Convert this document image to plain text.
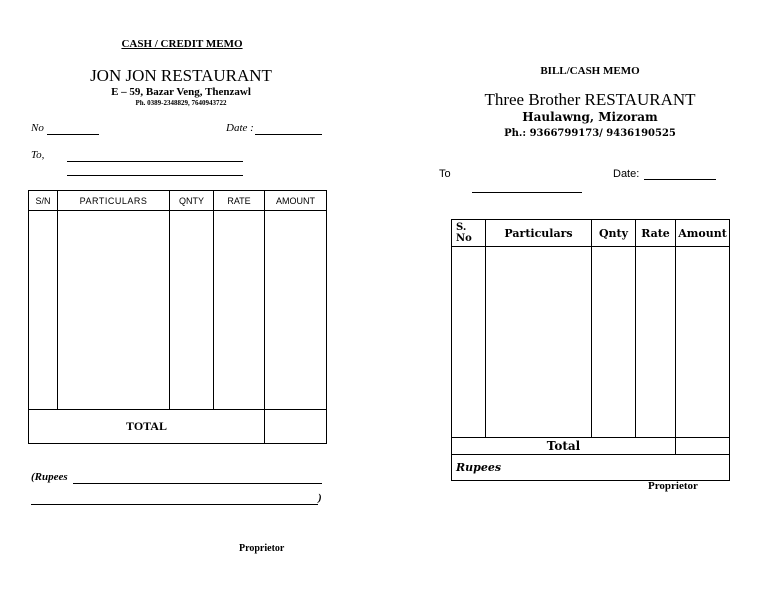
CASH / CREDIT MEMO
JON JON RESTAURANT
E – 59, Bazar Veng, Thenzawl
Ph. 0389-2348829, 7640943722
No	Date :
To,
S/N	PARTICULARS	QNTY	RATE	AMOUNT

TOTAL				
(Rupees
)
Proprietor
BILL/CASH MEMO
Three Brother RESTAURANT
Haulawng, Mizoram
Ph.: 9366799173/ 9436190525
To	Date:
S. No	Particulars	Qnty	Rate	Amount

Total				
Rupees				
Proprietor
